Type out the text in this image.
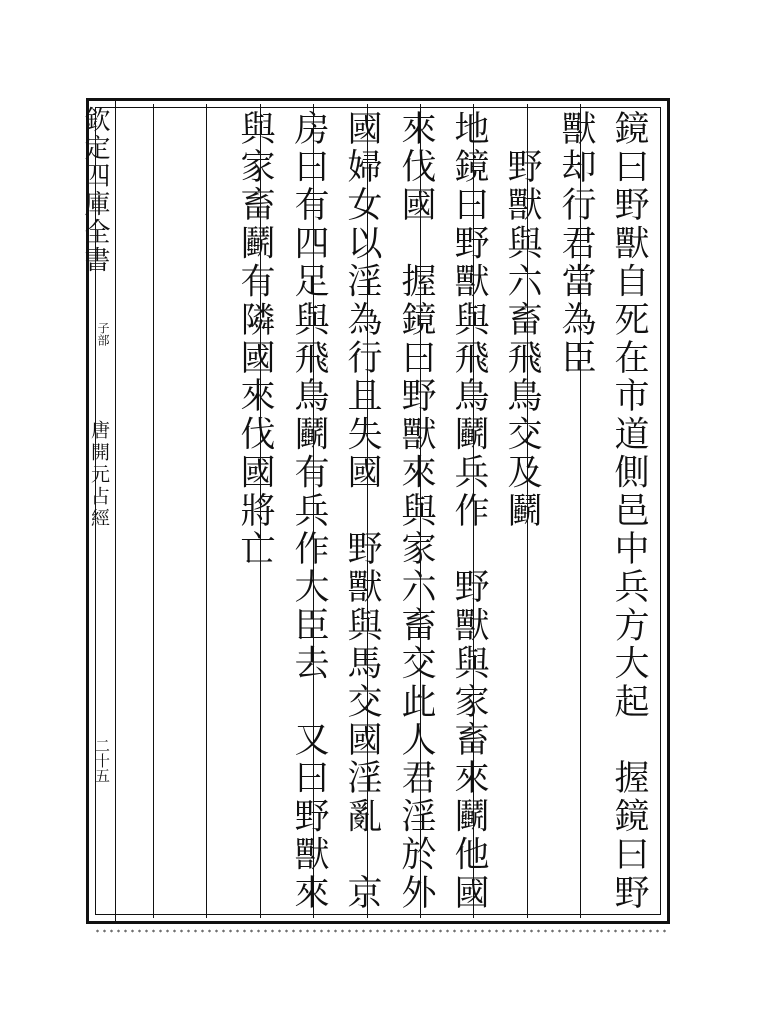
欽定四庫全書
子部
唐開元占經
二十五	鏡曰野獸自死在市道側邑中兵方大起　握鏡曰野
獸却行君當為臣
　野獸與六畜飛鳥交及鬬
地鏡曰野獸與飛鳥鬬兵作　野獸與家畜來鬬他國
來伐國　握鏡曰野獸來與家六畜交此人君淫於外
國婦女以淫為行且失國　野獸與馬交國淫亂　京
房曰有四足與飛鳥鬬有兵作大臣去　又曰野獸來
與家畜鬬有隣國來伐國將亡
